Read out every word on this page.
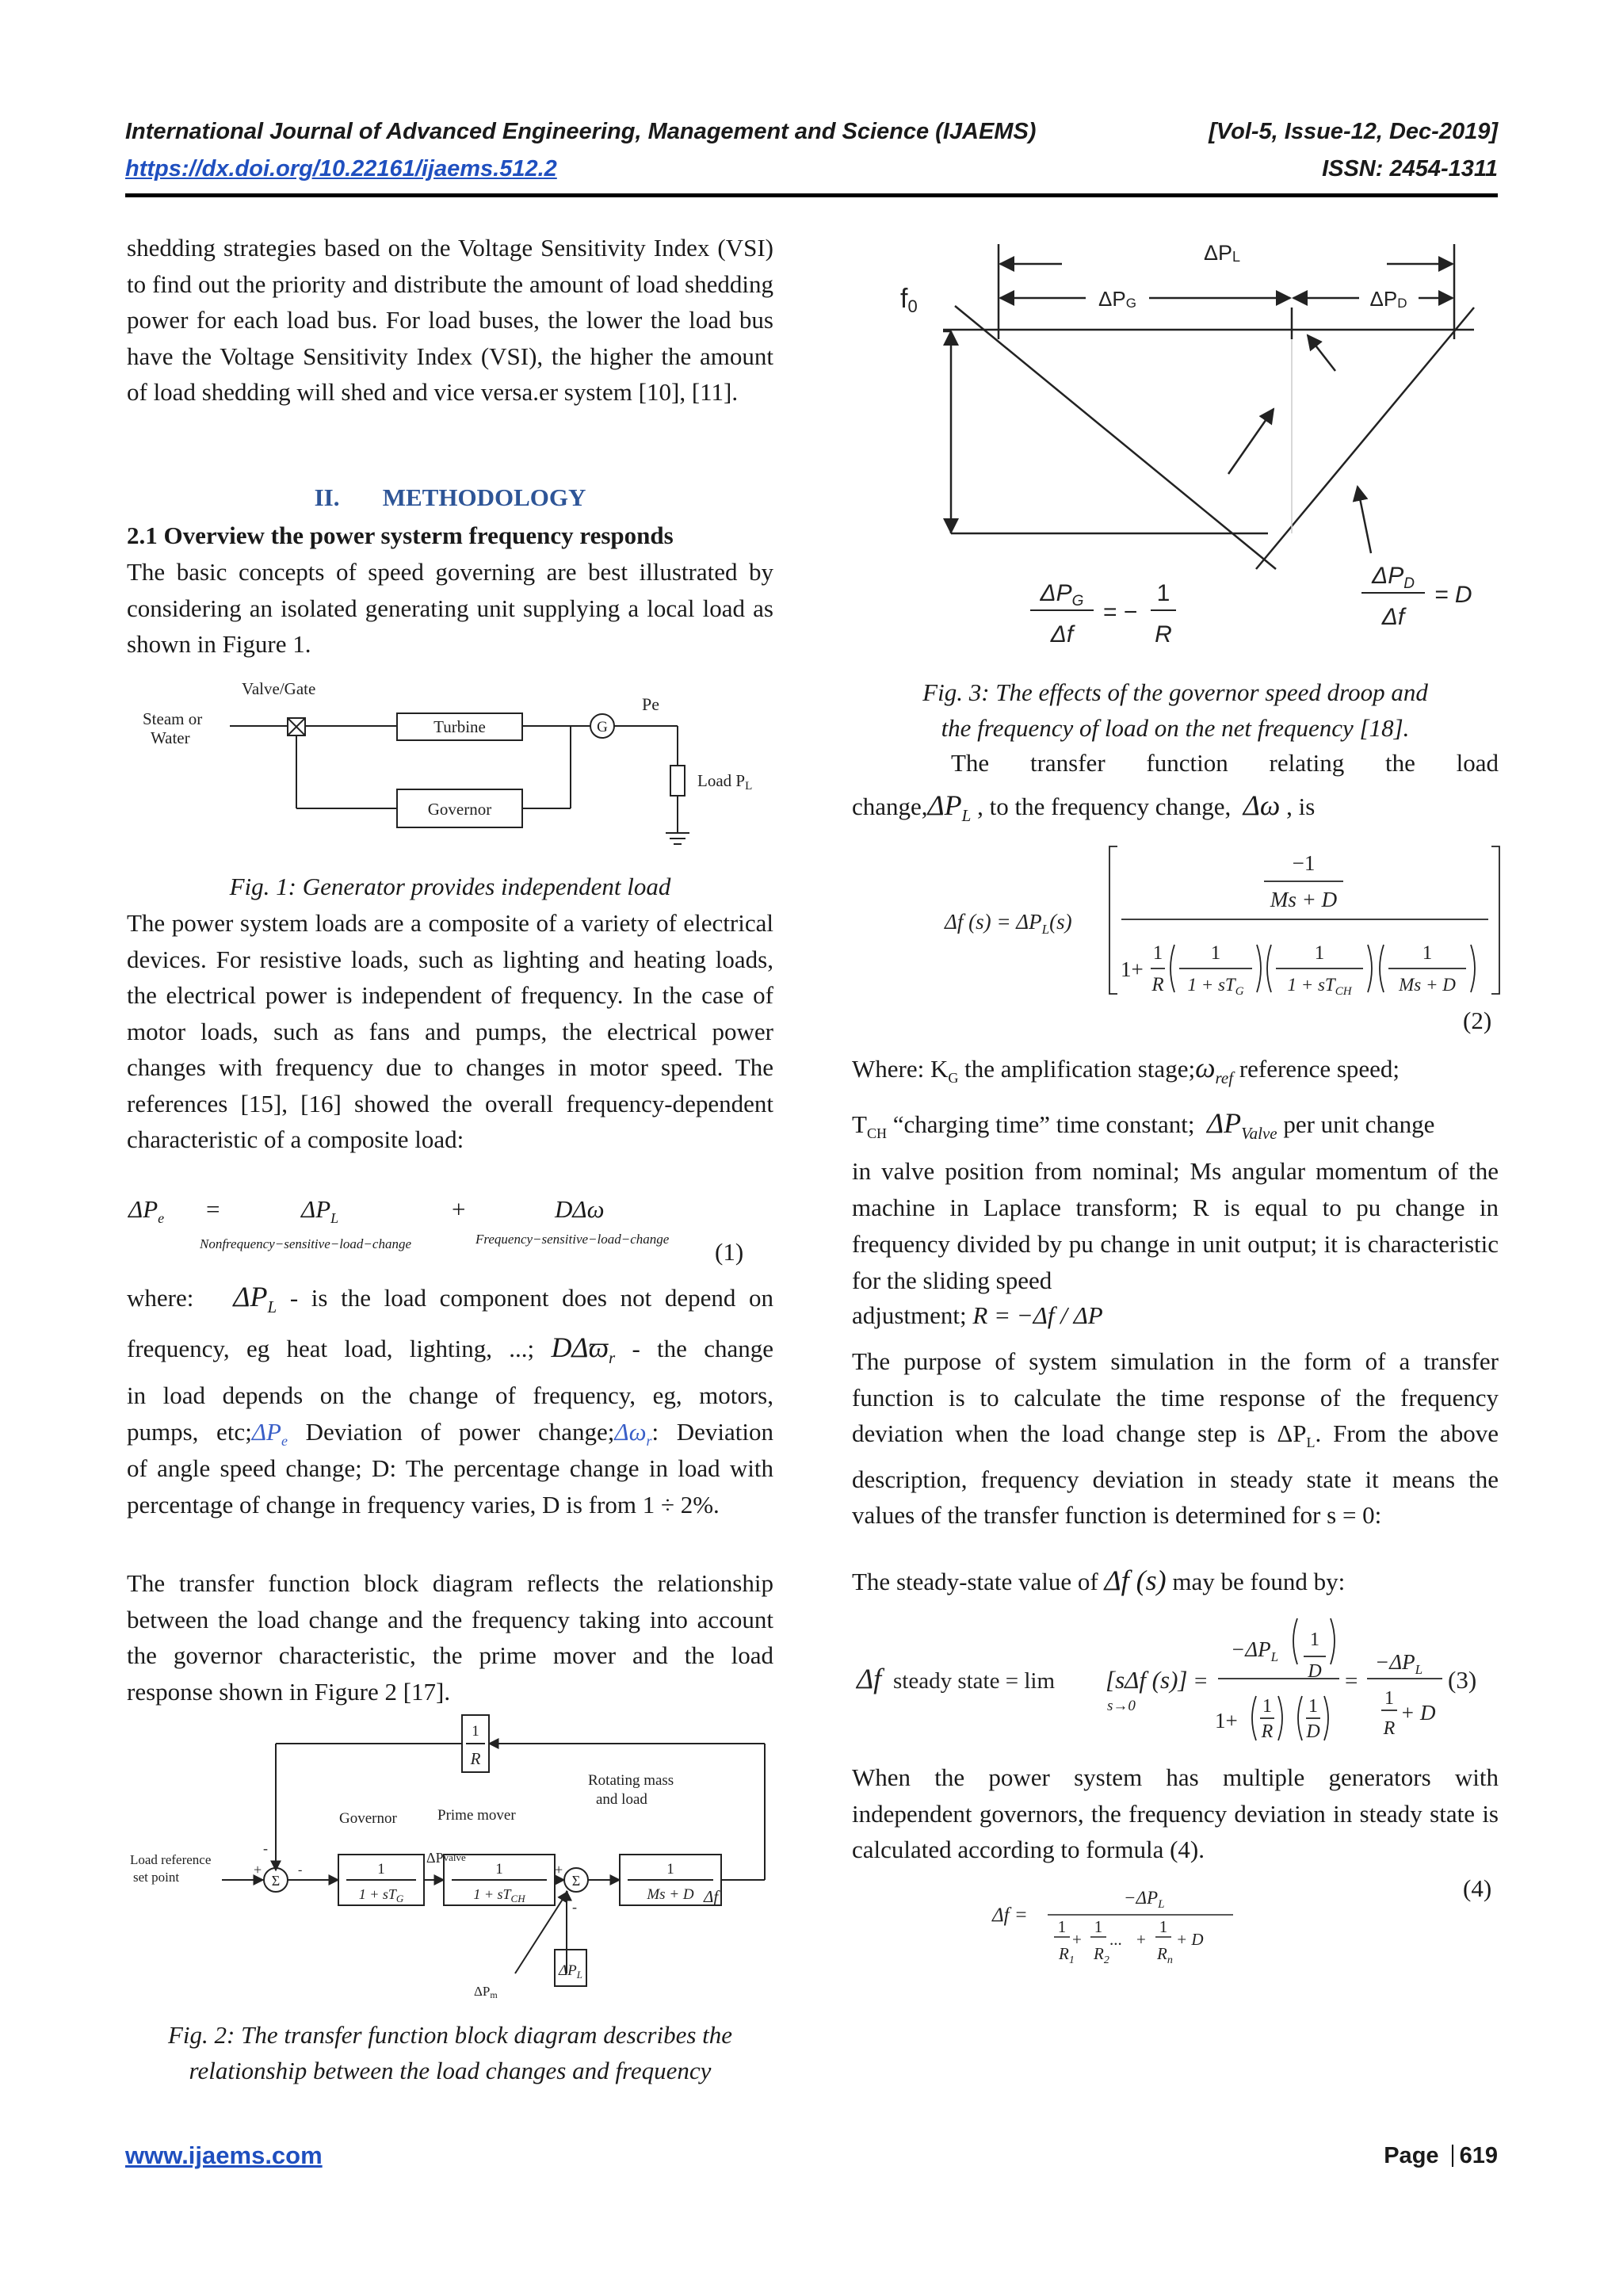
International Journal of Advanced Engineering, Management and Science (IJAEMS)	[Vol-5, Issue-12, Dec-2019]
https://dx.doi.org/10.22161/ijaems.512.2	ISSN: 2454-1311
shedding strategies based on the Voltage Sensitivity Index (VSI) to find out the priority and distribute the amount of load shedding power for each load bus. For load buses, the lower the load bus have the Voltage Sensitivity Index (VSI), the higher the amount of load shedding will shed and vice versa.er system [10], [11].
II. METHODOLOGY
2.1 Overview the power systerm frequency responds
The basic concepts of speed governing are best illustrated by considering an isolated generating unit supplying a local load as shown in Figure 1.
Valve/Gate
Pe
Steam or
Water
Turbine
Governor
G
Load PL
Fig. 1: Generator provides independent load
The power system loads are a composite of a variety of electrical devices. For resistive loads, such as lighting and heating loads, the electrical power is independent of frequency. In the case of motor loads, such as fans and pumps, the electrical power changes with frequency due to changes in motor speed. The references [15], [16] showed the overall frequency-dependent characteristic of a composite load:
$\Delta P_e$ =	$\Delta P_L$	+	DΔω
Nonfrequency−sensitive−load−change	Frequency−sensitive−load−change (1)
where: $\Delta P_L$ - is the load component does not depend on
frequency, eg heat load, lighting, ...; DΔϖ$_r$ - the change
in load depends on the change of frequency, eg, motors,
pumps, $etc;\Delta P_e$ Deviation of power $change;\Delta\omega_r$: Deviation
of angle speed change; D: The percentage change in load with percentage of change in frequency varies, D is from 1 ÷ 2%.
The transfer function block diagram reflects the relationship between the load change and the frequency taking into account the governor characteristic, the prime mover and the load response shown in Figure 2 [17].
1
R
Rotating mass
and load
Governor	Prime mover
Load reference
set point	Σ	Σ
+
-
+
-
-
ΔPvalve
1
$1 + sT_G$
1
$1 + sT_{CH}$
1
Ms + D Δf
$\Delta P_L$
ΔPm
Fig. 2: The transfer function block diagram describes the
relationship between the load changes and frequency
ΔPL
ΔPG	ΔPD
f0
$\Delta P_G$
Δf
= −
1
R
$\Delta P_D$
Δf
= D
Fig. 3: The effects of the governor speed droop and
the frequency of load on the net frequency [18].
The transfer function relating the load
$change,\Delta P_L$ , to the frequency change, Δω , is
Δf $(s) = \Delta P_L(s)$
−1
Ms + D
1+
1
R
1
$1 + sT_G$
1
$1 + sT_{CH}$
1
Ms + D
(2)
Where: $K_G$ the amplification $stage;\omega_{ref}$ reference speed;
$T_{CH}$ “charging time” time constant; $\Delta P_{Valve}$ per unit change
in valve position from nominal; Ms angular momentum of the machine in Laplace transform; R is equal to pu change in frequency divided by pu change in unit output; it is characteristic for the sliding speed
adjustment; R = −Δf / ΔP
The purpose of system simulation in the form of a transfer function is to calculate the time response of the frequency deviation when the load change step is $\Delta P_L$. From the above description, frequency deviation in steady state it means the values of the transfer function is determined for s = 0:
The steady-state value of Δf (s) may be found by:
Δf steady state = lim
s→0
[sΔf (s)] =
$-\Delta P_L$
1
D
1+
1
R
1
D
=
$-\Delta P_L$
1
R
+ D
(3)
When the power system has multiple generators with independent governors, the frequency deviation in steady state is calculated according to formula (4).
Δf =
$-\Delta P_L$
1
$R_1$
+
1
$R_2$
... +
1
$R_n$
+ D
(4)
www.ijaems.com	Page 619
